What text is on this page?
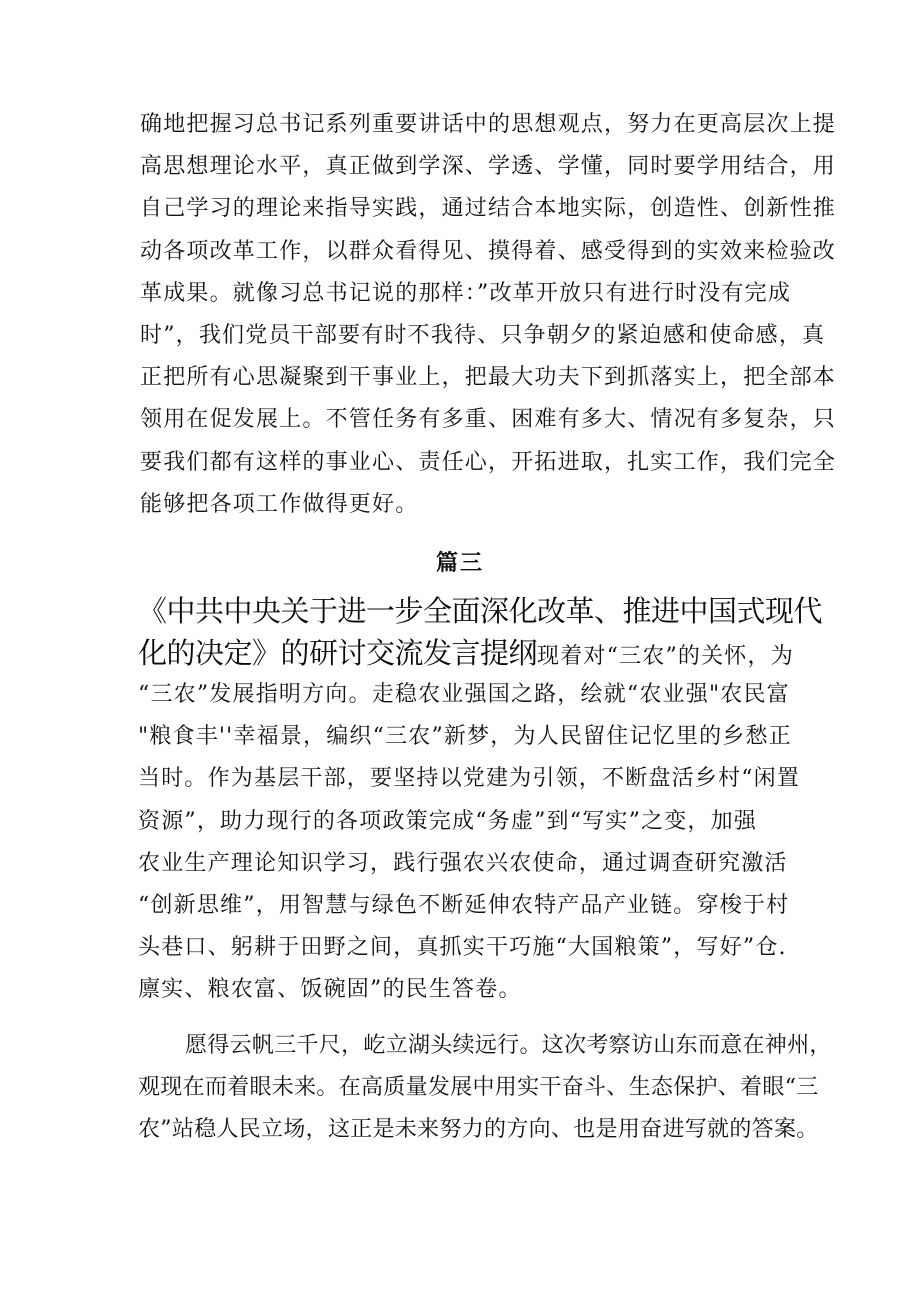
确地把握习总书记系列重要讲话中的思想观点，努力在更高层次上提

高思想理论水平，真正做到学深、学透、学懂，同时要学用结合，用

自己学习的理论来指导实践，通过结合本地实际，创造性、创新性推

动各项改革工作，以群众看得见、摸得着、感受得到的实效来检验改

革成果。就像习总书记说的那样：”改革开放只有进行时没有完成

时”，我们党员干部要有时不我待、只争朝夕的紧迫感和使命感，真

正把所有心思凝聚到干事业上，把最大功夫下到抓落实上，把全部本

领用在促发展上。不管任务有多重、困难有多大、情况有多复杂，只

要我们都有这样的事业心、责任心，开拓进取，扎实工作，我们完全

能够把各项工作做得更好。

篇三

《中共中央关于进一步全面深化改革、推进中国式现代

化的决定》的研讨交流发言提纲现着对“三农”的关怀，为

“三农”发展指明方向。走稳农业强国之路，绘就“农业强"农民富

"粮食丰''幸福景，编织“三农”新梦，为人民留住记忆里的乡愁正

当时。作为基层干部，要坚持以党建为引领，不断盘活乡村“闲置

资源”，助力现行的各项政策完成“务虚”到“写实”之变，加强

农业生产理论知识学习，践行强农兴农使命，通过调查研究激活

“创新思维”，用智慧与绿色不断延伸农特产品产业链。穿梭于村

头巷口、躬耕于田野之间，真抓实干巧施“大国粮策”，写好”仓.

廪实、粮农富、饭碗固”的民生答卷。

愿得云帆三千尺，屹立湖头续远行。这次考察访山东而意在神州，

观现在而着眼未来。在高质量发展中用实干奋斗、生态保护、着眼“三

农”站稳人民立场，这正是未来努力的方向、也是用奋进写就的答案。
